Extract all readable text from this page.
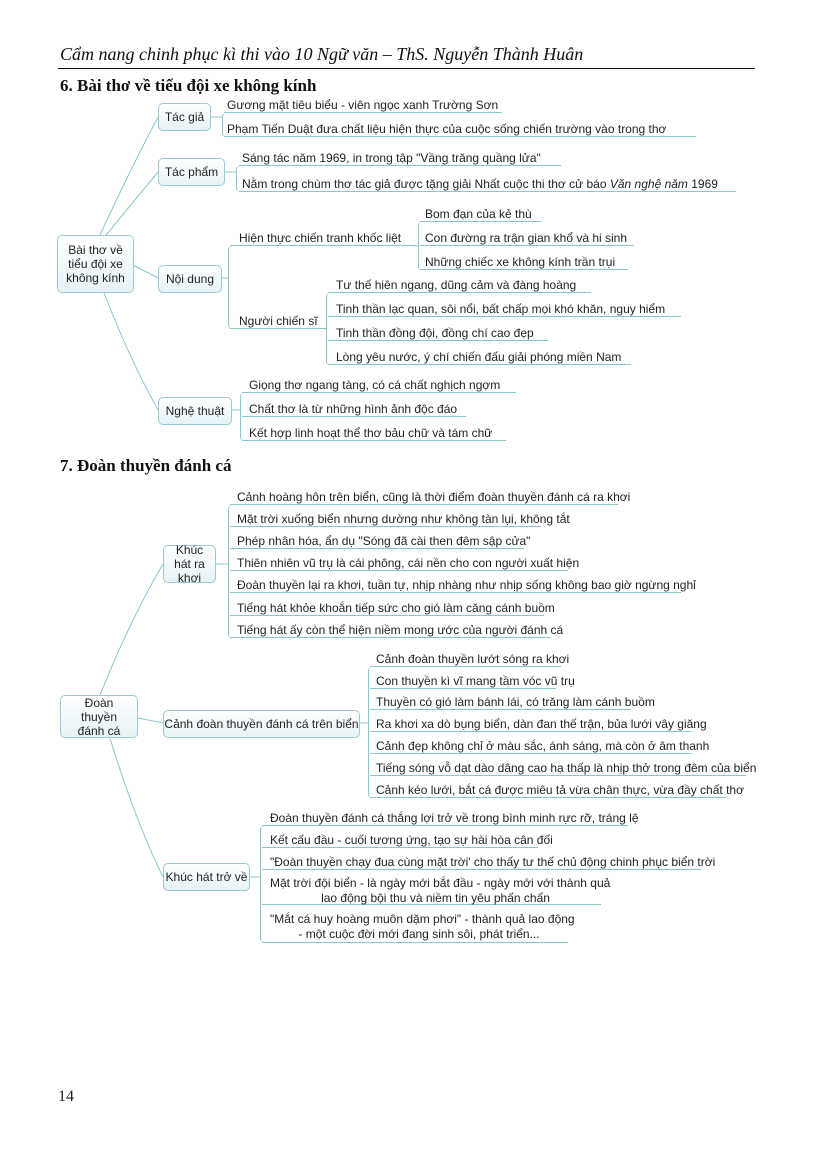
Cẩm nang chinh phục kì thi vào 10 Ngữ văn – ThS. Nguyễn Thành Huân
6. Bài thơ về tiểu đội xe không kính
Bài thơ về tiểu đội xe không kính
Tác giả
Gương mặt tiêu biểu - viên ngọc xanh Trường Sơn
Phạm Tiến Duật đưa chất liệu hiện thực của cuộc sống chiến trường vào trong thơ
Tác phẩm
Sáng tác năm 1969, in trong tập "Vầng trăng quầng lửa"
Nằm trong chùm thơ tác giả được tặng giải Nhất cuộc thi thơ cử báo Văn nghệ năm 1969
Nội dung
Hiện thực chiến tranh khốc liệt
Người chiến sĩ
Bom đạn của kẻ thù
Con đường ra trận gian khổ và hi sinh
Những chiếc xe không kính trần trụi
Tư thế hiên ngang, dũng cảm và đàng hoàng
Tinh thần lạc quan, sôi nổi, bất chấp mọi khó khăn, nguy hiểm
Tinh thần đồng đội, đồng chí cao đẹp
Lòng yêu nước, ý chí chiến đấu giải phóng miền Nam
Nghệ thuật
Giọng thơ ngang tàng, có cá chất nghịch ngợm
Chất thơ là từ những hình ảnh độc đáo
Kết hợp linh hoạt thể thơ bảu chữ và tám chữ
7. Đoàn thuyền đánh cá
Đoàn thuyền đánh cá
Khúc hát ra khơi
Cảnh hoàng hôn trên biển, cũng là thời điểm đoàn thuyền đánh cá ra khơi
Mặt trời xuống biển nhưng dường như không tàn lụi, không tắt
Phép nhân hóa, ẩn dụ "Sóng đã cài then đêm sập cửa"
Thiên nhiên vũ trụ là cái phông, cái nền cho con người xuất hiện
Đoàn thuyền lại ra khơi, tuần tự, nhịp nhàng như nhịp sống không bao giờ ngừng nghỉ
Tiếng hát khỏe khoắn tiếp sức cho gió làm căng cánh buồm
Tiếng hát ấy còn thể hiện niềm mong ước của người đánh cá
Cảnh đoàn thuyền đánh cá trên biển
Cảnh đoàn thuyền lướt sóng ra khơi
Con thuyền kì vĩ mang tầm vóc vũ trụ
Thuyền có gió làm bánh lái, có trăng làm cánh buồm
Ra khơi xa dò bụng biển, dàn đan thế trận, bủa lưới vây giăng
Cảnh đẹp không chỉ ở màu sắc, ánh sáng, mà còn ở âm thanh
Tiếng sóng vỗ dạt dào dâng cao hạ thấp là nhịp thở trong đêm của biển
Cảnh kéo lưới, bắt cá được miêu tả vừa chân thực, vừa đầy chất thơ
Khúc hát trở về
Đoàn thuyền đánh cá thắng lợi trở về trong bình minh rực rỡ, tráng lệ
Kết cấu đầu - cuối tương ứng, tạo sự hài hòa cân đối
"Đoàn thuyền chạy đua cùng mặt trời' cho thấy tư thế chủ động chinh phục biển trời
Mặt trời đội biển - là ngày mới bắt đầu - ngày mới với thành quả
lao động bội thu và niềm tin yêu phấn chấn
"Mắt cá huy hoàng muôn dặm phơi" - thành quả lao động
- một cuộc đời mới đang sinh sôi, phát triển...
14
